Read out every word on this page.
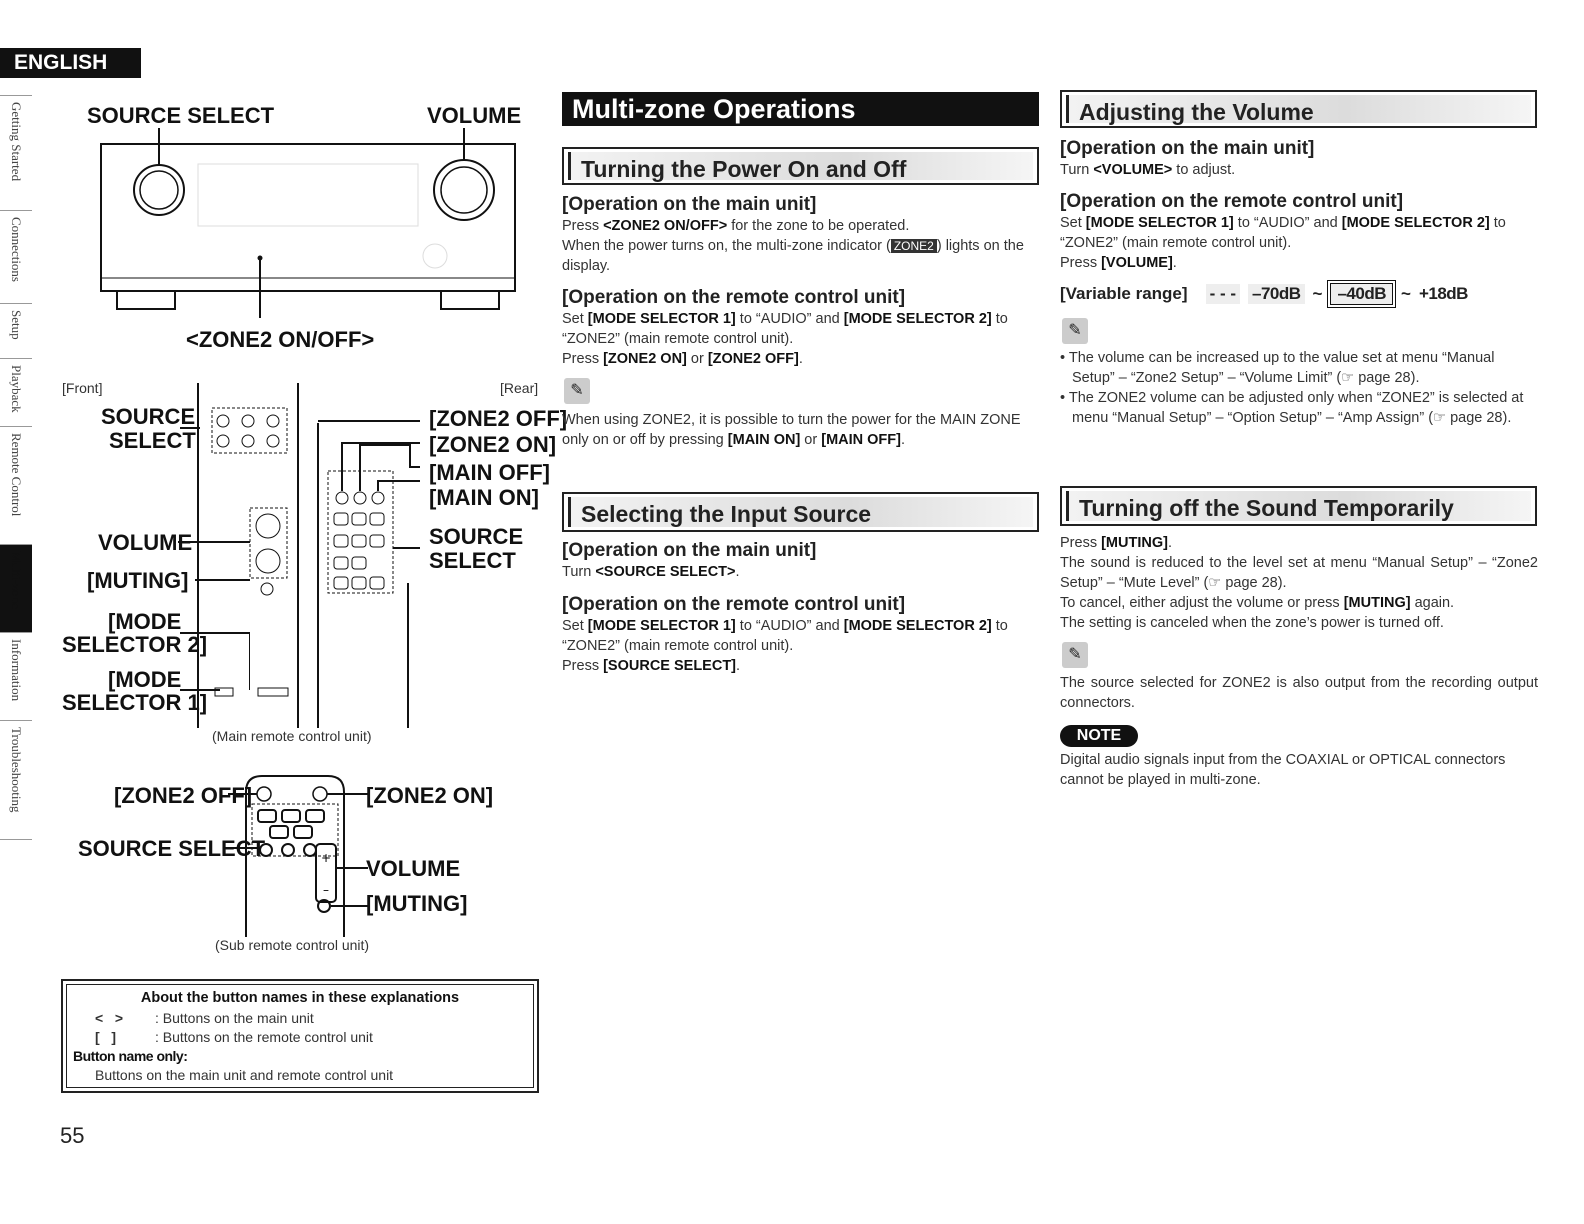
ENGLISH
Getting Started
Connections
Setup
Playback
Remote Control
Multi-zone
Information
Troubleshooting
SOURCE SELECT	VOLUME
<ZONE2 ON/OFF>
[Front]	[Rear]
SOURCE
SELECT
VOLUME
[MUTING]
[MODE
SELECTOR 2]
[MODE
SELECTOR 1]
[ZONE2 OFF]
[ZONE2 ON]
[MAIN OFF]
[MAIN ON]
SOURCE
SELECT
(Main remote control unit)
+
–
[ZONE2 OFF]	[ZONE2 ON]
SOURCE SELECT
VOLUME
[MUTING]
(Sub remote control unit)
About the button names in these explanations
<   > : Buttons on the main unit
[   ]	: Buttons on the remote control unit
Button name only:
Buttons on the main unit and remote control unit
55
Multi-zone Operations
Turning the Power On and Off
[Operation on the main unit]
Press <ZONE2 ON/OFF> for the zone to be operated.
When the power turns on, the multi-zone indicator ( ZONE2 ) lights on the display.
[Operation on the remote control unit]
Set [MODE SELECTOR 1] to “AUDIO” and [MODE SELECTOR 2] to “ZONE2” (main remote control unit).
Press [ZONE2 ON] or [ZONE2 OFF].
✎
When using ZONE2, it is possible to turn the power for the MAIN ZONE only on or off by pressing [MAIN ON] or [MAIN OFF].
Selecting the Input Source
[Operation on the main unit]
Turn <SOURCE SELECT>.
[Operation on the remote control unit]
Set [MODE SELECTOR 1] to “AUDIO” and [MODE SELECTOR 2] to “ZONE2” (main remote control unit).
Press [SOURCE SELECT].
Adjusting the Volume
[Operation on the main unit]
Turn <VOLUME> to adjust.
[Operation on the remote control unit]
Set [MODE SELECTOR 1] to “AUDIO” and [MODE SELECTOR 2] to “ZONE2” (main remote control unit).
Press [VOLUME].
[Variable range] - - - –70dB ~ –40dB ~ +18dB
✎
• The volume can be increased up to the value set at menu “Manual Setup” – “Zone2 Setup” – “Volume Limit” (☞ page 28).
• The ZONE2 volume can be adjusted only when “ZONE2” is selected at menu “Manual Setup” – “Option Setup” – “Amp Assign” (☞ page 28).
Turning off the Sound Temporarily
Press [MUTING].
The sound is reduced to the level set at menu “Manual Setup” – “Zone2 Setup” – “Mute Level” (☞ page 28).
To cancel, either adjust the volume or press [MUTING] again.
The setting is canceled when the zone’s power is turned off.
✎
The source selected for ZONE2 is also output from the recording output connectors.
NOTE
Digital audio signals input from the COAXIAL or OPTICAL connectors cannot be played in multi-zone.
